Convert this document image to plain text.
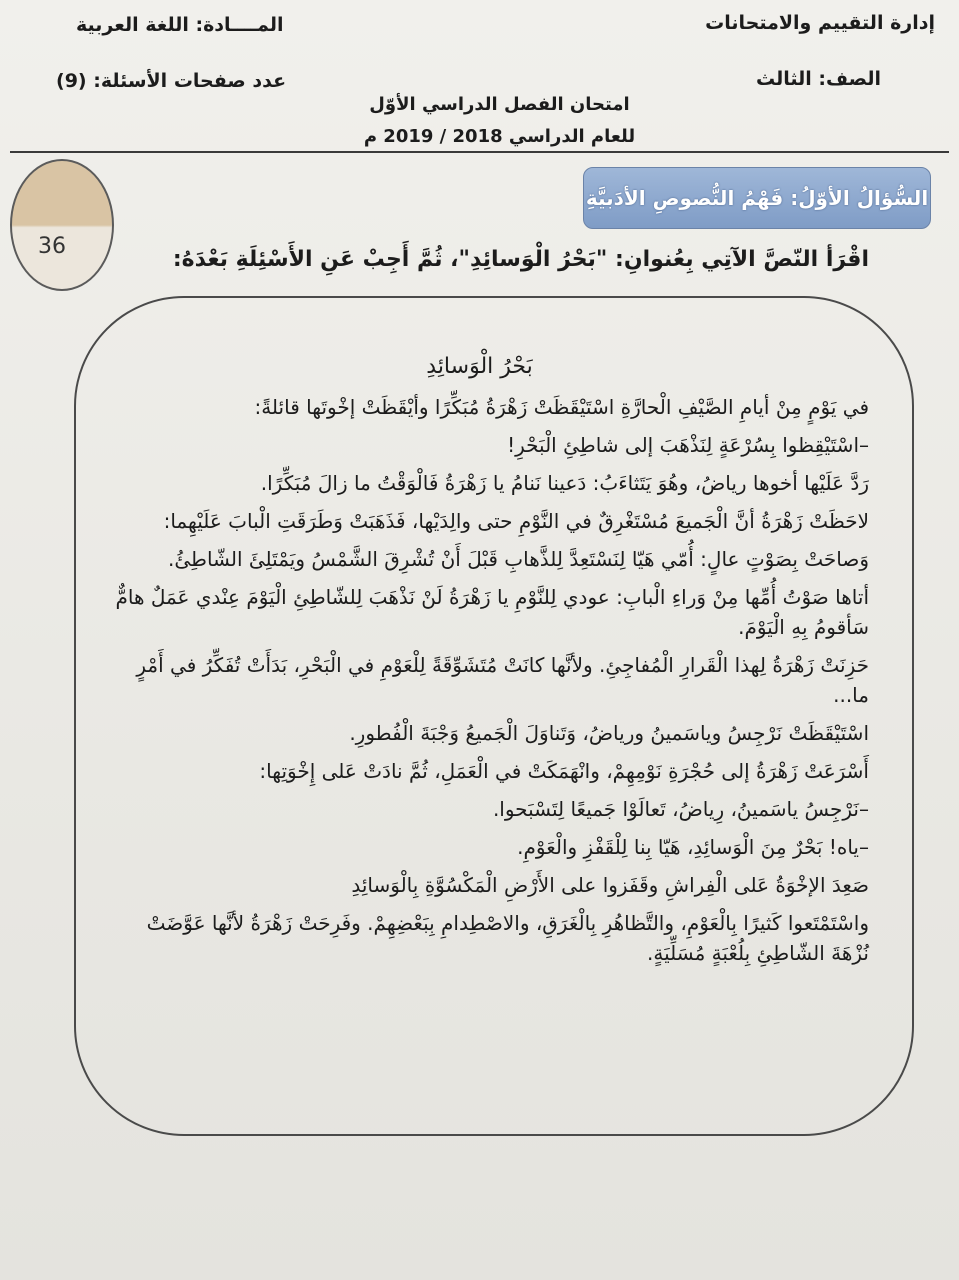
إدارة التقييم والامتحانات
المــــادة: اللغة العربية
الصف: الثالث
عدد صفحات الأسئلة: (9)
امتحان الفصل الدراسي الأوّل
للعام الدراسي 2018 / 2019 م
36
السُّؤالُ الأوّلُ: فَهْمُ النُّصوصِ الأدَبيَّةِ
اقْرَأ النّصَّ الآتِي بِعُنوانِ: "بَحْرُ الْوَسائِدِ"، ثُمَّ أَجِبْ عَنِ الأَسْئِلَةِ بَعْدَهُ:
بَحْرُ الْوَسائِدِ

في يَوْمٍ مِنْ أيامِ الصَّيْفِ الْحارَّةِ اسْتَيْقَظَتْ زَهْرَةُ مُبَكِّرًا وأيْقَظَتْ إخْوتَها قائلةً:

–اسْتَيْقِظوا بِسُرْعَةٍ لِنَذْهَبَ إلى شاطِئِ الْبَحْرِ!

رَدَّ عَلَيْها أخوها رياضُ، وهُوَ يَتَثاءَبُ: دَعينا نَنامُ يا زَهْرَةُ فَالْوَقْتُ ما زالَ مُبَكِّرًا.

لاحَظَتْ زَهْرَةُ أنَّ الْجَميعَ مُسْتَغْرِقٌ في النَّوْمِ حتى والِدَيْها، فَذَهَبَتْ وَطَرَقَتِ الْبابَ عَلَيْهِما:

وَصاحَتْ بِصَوْتٍ عالٍ: أُمّي هَيّا لِنَسْتَعِدَّ لِلذَّهابِ قَبْلَ أَنْ تُشْرِقَ الشَّمْسُ ويَمْتَلِئَ الشّاطِئُ.

أتاها صَوْتُ أُمِّها مِنْ وَراءِ الْبابِ: عودي لِلنَّوْمِ يا زَهْرَةُ لَنْ نَذْهَبَ لِلشّاطِئِ الْيَوْمَ عِنْدي عَمَلٌ هامٌّ سَأقومُ بِهِ الْيَوْمَ.

حَزِنَتْ زَهْرَةُ لِهذا الْقَرارِ الْمُفاجِئِ. ولأنَّها كانَتْ مُتَشَوِّقَةً لِلْعَوْمِ في الْبَحْرِ، بَدَأَتْ تُفَكِّرُ في أَمْرٍ ما...

اسْتَيْقَظَتْ نَرْجِسُ وياسَمينُ ورياضُ، وَتَناوَلَ الْجَميعُ وَجْبَةَ الْفُطورِ.

أَسْرَعَتْ زَهْرَةُ إلى حُجْرَةِ نَوْمِهِمْ، وانْهَمَكَتْ في الْعَمَلِ، ثُمَّ نادَتْ عَلى إِخْوَتِها:

–نَرْجِسُ ياسَمينُ، رِياضُ، تَعالَوْا جَميعًا لِتَسْبَحوا.

–ياه! بَحْرٌ مِنَ الْوَسائِدِ، هَيّا بِنا لِلْقَفْزِ والْعَوْمِ.

صَعِدَ الإخْوَةُ عَلى الْفِراشِ وقَفَزوا على الأَرْضِ الْمَكْسُوَّةِ بِالْوَسائِدِ

واسْتَمْتَعوا كَثيرًا بِالْعَوْمِ، والتَّظاهُرِ بِالْغَرَقِ، والاصْطِدامِ بِبَعْضِهِمْ. وفَرِحَتْ زَهْرَةُ لأنَّها عَوَّضَتْ نُزْهَةَ الشّاطِئِ بِلُعْبَةٍ مُسَلِّيَةٍ.
